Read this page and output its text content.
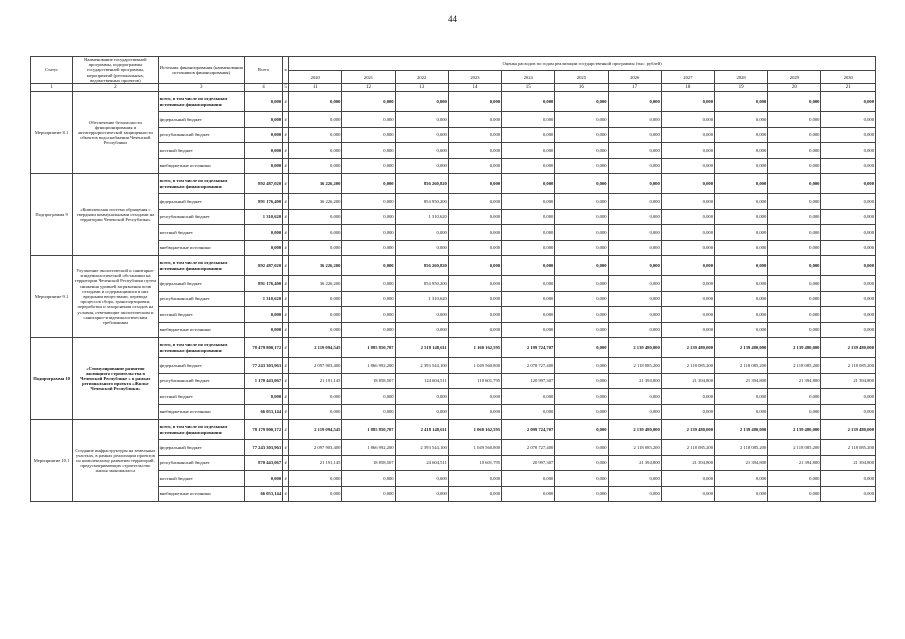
44
Статус	Наименование государственной программы, подпрограммы государственной программы, мероприятий (региональных, ведомственных проектов)	Источник финансирования (наименования источников финансирования)	Всего	в	Оценка расходов по годам реализации государственной программы (тыс. рублей)										
					2020	2021	2022	2023	2024	2025	2026	2027	2028	2029	2030
1	2	3	4	5	11	12	13	14	15	16	17	18	19	20	21
Мероприятие 8.1	Обеспечение безопасности функционирования и антитеррористической защищенности объектов водоснабжения Чеченской Республики	всего, в том числе по отдельным источникам финансирования:	0,000	#	0,000	0,000	0,000	0,000	0,000	0,000	0,000	0,000	0,000	0,000	0,000
		федеральный бюджет	0,000	#	0,000	0,000	0,000	0,000	0,000	0,000	0,000	0,000	0,000	0,000	0,000
		республиканский бюджет	0,000	#	0,000	0,000	0,000	0,000	0,000	0,000	0,000	0,000	0,000	0,000	0,000
		местный бюджет	0,000	#	0,000	0,000	0,000	0,000	0,000	0,000	0,000	0,000	0,000	0,000	0,000
		внебюджетные источники	0,000	#	0,000	0,000	0,000	0,000	0,000	0,000	0,000	0,000	0,000	0,000	0,000
Подпрограмма 9	«Комплексная система обращения с твердыми коммунальными отходами на территории Чеченской Республики»	всего, в том числе по отдельным источникам финансирования:	892 487,020	#	36 226,200	0,000	856 260,820	0,000	0,000	0,000	0,000	0,000	0,000	0,000	0,000
		федеральный бюджет	891 176,400	#	36 226,200	0,000	854 950,200	0,000	0,000	0,000	0,000	0,000	0,000	0,000	0,000
		республиканский бюджет	1 310,620	#	0,000	0,000	1 310,620	0,000	0,000	0,000	0,000	0,000	0,000	0,000	0,000
		местный бюджет	0,000	#	0,000	0,000	0,000	0,000	0,000	0,000	0,000	0,000	0,000	0,000	0,000
		внебюджетные источники	0,000	#	0,000	0,000	0,000	0,000	0,000	0,000	0,000	0,000	0,000	0,000	0,000
Мероприятие 9.1	Улучшение экологической и санитарно-эпидемиологической обстановки на территории Чеченской Республики путем снижения уровней загрязнения почв отходами и содержащимися в них вредными веществами, перевода процессов сбора, транспортировки, переработки и захоронения отходов на условия, отвечающие экологическим и санитарно-эпидемиологическим требованиям	всего, в том числе по отдельным источникам финансирования:	892 487,020	#	36 226,200	0,000	856 260,820	0,000	0,000	0,000	0,000	0,000	0,000	0,000	0,000
		федеральный бюджет	891 176,400	#	36 226,200	0,000	854 950,200	0,000	0,000	0,000	0,000	0,000	0,000	0,000	0,000
		республиканский бюджет	1 310,620	#	0,000	0,000	1 310,620	0,000	0,000	0,000	0,000	0,000	0,000	0,000	0,000
		местный бюджет	0,000	#	0,000	0,000	0,000	0,000	0,000	0,000	0,000	0,000	0,000	0,000	0,000
		внебюджетные источники	0,000	#	0,000	0,000	0,000	0,000	0,000	0,000	0,000	0,000	0,000	0,000	0,000
Подпрограмма 10	«Стимулирование развития жилищного строительства в Чеченской Республике » в рамках регионального проекта «Жилье Чеченской Республики»	всего, в том числе по отдельным источникам финансирования:	78 479 800,172	#	2 119 094,545	1 885 850,707	2 518 148,611	1 160 162,595	2 199 724,707	0,000	2 139 480,000	2 139 480,000	2 139 480,000	2 139 480,000	2 139 480,000
		федеральный бюджет	77 243 303,963	#	2 097 903,400	1 866 992,200	2 393 544,100	1 049 560,800	2 078 727,400	0,000	2 118 085,200	2 118 085,200	2 118 085,200	2 118 085,200	2 118 085,200
		республиканский бюджет	1 170 443,067	#	21 191,145	18 858,507	124 604,511	110 601,795	120 997,307	0,000	21 394,800	21 394,800	21 394,800	21 394,800	21 394,800
		местный бюджет	0,000	#	0,000	0,000	0,000	0,000	0,000	0,000	0,000	0,000	0,000	0,000	0,000
		внебюджетные источники	66 053,144	#	0,000	0,000	0,000	0,000	0,000	0,000	0,000	0,000	0,000	0,000	0,000
Мероприятие 10.1	Создание инфраструктуры на земельных участках, в рамках реализации проектов по комплексному развитию территорий, предусматривающих строительство жилья экономкласса	всего, в том числе по отдельным источникам финансирования:	78 179 800,172	#	2 119 094,545	1 885 850,707	2 418 148,611	1 060 162,595	2 099 724,707	0,000	2 139 480,000	2 139 480,000	2 139 480,000	2 139 480,000	2 139 480,000
		федеральный бюджет	77 243 303,963	#	2 097 903,400	1 866 992,200	2 393 544,100	1 049 560,800	2 078 727,400	0,000	2 118 085,200	2 118 085,200	2 118 085,200	2 118 085,200	2 118 085,200
		республиканский бюджет	870 443,067	#	21 191,145	18 858,507	24 604,511	10 601,795	20 997,307	0,000	21 394,800	21 394,800	21 394,800	21 394,800	21 394,800
		местный бюджет	0,000	#	0,000	0,000	0,000	0,000	0,000	0,000	0,000	0,000	0,000	0,000	0,000
		внебюджетные источники	66 053,144	#	0,000	0,000	0,000	0,000	0,000	0,000	0,000	0,000	0,000	0,000	0,000
